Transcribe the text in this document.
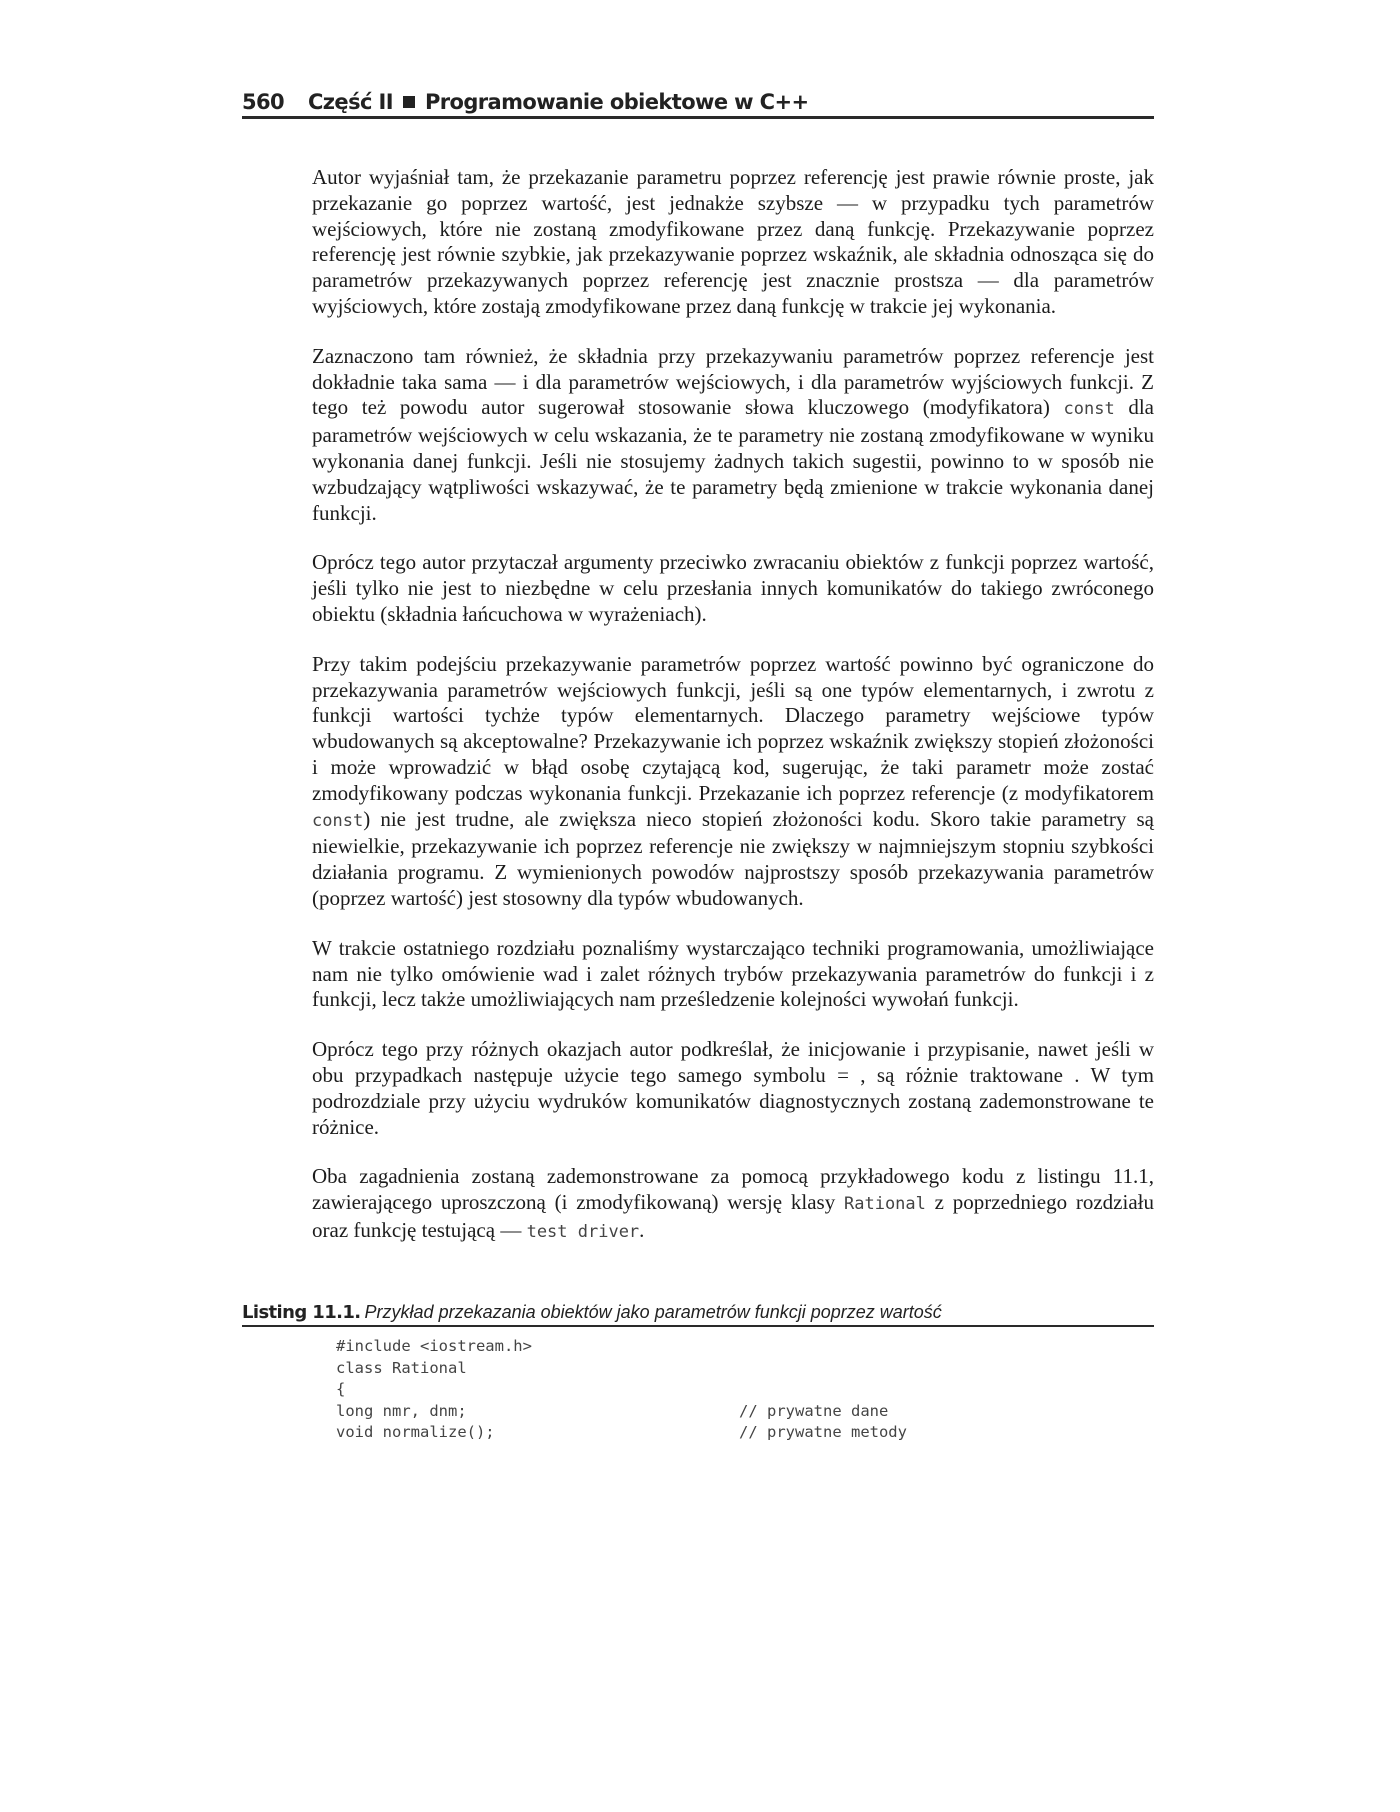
560 Część II Programowanie obiektowe w C++

Autor wyjaśniał tam, że przekazanie parametru poprzez referencję jest prawie równie proste, jak przekazanie go poprzez wartość, jest jednakże szybsze — w przypadku tych parametrów wejściowych, które nie zostaną zmodyfikowane przez daną funkcję. Przekazywanie poprzez referencję jest równie szybkie, jak przekazywanie poprzez wskaźnik, ale składnia odnosząca się do parametrów przekazywanych poprzez referencję jest znacznie prostsza — dla parametrów wyjściowych, które zostają zmodyfikowane przez daną funkcję w trakcie jej wykonania.

Zaznaczono tam również, że składnia przy przekazywaniu parametrów poprzez referencje jest dokładnie taka sama — i dla parametrów wejściowych, i dla parametrów wyjściowych funkcji. Z tego też powodu autor sugerował stosowanie słowa kluczowego (modyfikatora) const dla parametrów wejściowych w celu wskazania, że te parametry nie zostaną zmodyfikowane w wyniku wykonania danej funkcji. Jeśli nie stosujemy żadnych takich sugestii, powinno to w sposób nie wzbudzający wątpliwości wskazywać, że te parametry będą zmienione w trakcie wykonania danej funkcji.

Oprócz tego autor przytaczał argumenty przeciwko zwracaniu obiektów z funkcji poprzez wartość, jeśli tylko nie jest to niezbędne w celu przesłania innych komunikatów do takiego zwróconego obiektu (składnia łańcuchowa w wyrażeniach).

Przy takim podejściu przekazywanie parametrów poprzez wartość powinno być ograniczone do przekazywania parametrów wejściowych funkcji, jeśli są one typów elementarnych, i zwrotu z funkcji wartości tychże typów elementarnych. Dlaczego parametry wejściowe typów wbudowanych są akceptowalne? Przekazywanie ich poprzez wskaźnik zwiększy stopień złożoności i może wprowadzić w błąd osobę czytającą kod, sugerując, że taki parametr może zostać zmodyfikowany podczas wykonania funkcji. Przekazanie ich poprzez referencje (z modyfikatorem const) nie jest trudne, ale zwiększa nieco stopień złożoności kodu. Skoro takie parametry są niewielkie, przekazywanie ich poprzez referencje nie zwiększy w najmniejszym stopniu szybkości działania programu. Z wymienionych powodów najprostszy sposób przekazywania parametrów (poprzez wartość) jest stosowny dla typów wbudowanych.

W trakcie ostatniego rozdziału poznaliśmy wystarczająco techniki programowania, umożliwiające nam nie tylko omówienie wad i zalet różnych trybów przekazywania parametrów do funkcji i z funkcji, lecz także umożliwiających nam prześledzenie kolejności wywołań funkcji.

Oprócz tego przy różnych okazjach autor podkreślał, że inicjowanie i przypisanie, nawet jeśli w obu przypadkach następuje użycie tego samego symbolu = , są różnie traktowane . W tym podrozdziale przy użyciu wydruków komunikatów diagnostycznych zostaną zademonstrowane te różnice.

Oba zagadnienia zostaną zademonstrowane za pomocą przykładowego kodu z listingu 11.1, zawierającego uproszczoną (i zmodyfikowaną) wersję klasy Rational z poprzedniego rozdziału oraz funkcję testującą — test driver.

Listing 11.1. Przykład przekazania obiektów jako parametrów funkcji poprzez wartość
#include <iostream.h>
class Rational
{
long nmr, dnm;	// prywatne dane
void normalize();	// prywatne metody
